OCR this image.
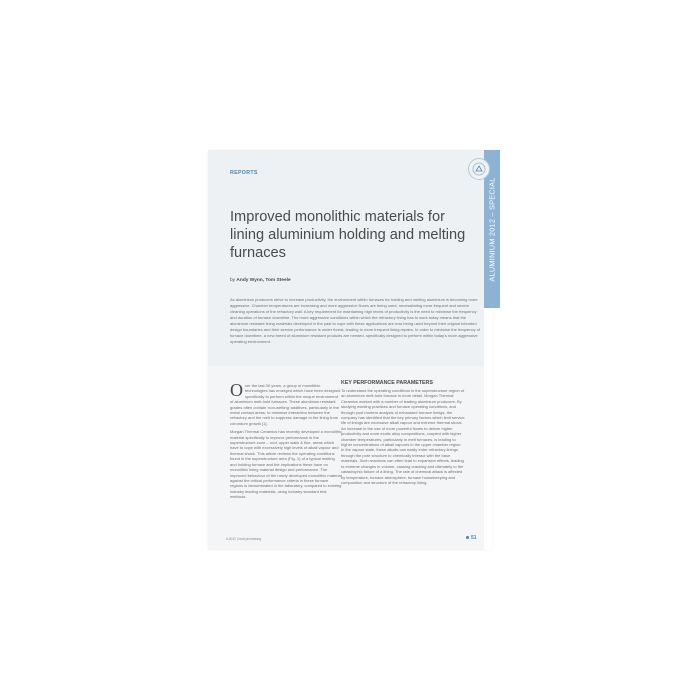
ALUMINIUM 2012 – SPECIAL
REPORTS
Improved monolithic materials for lining aluminium holding and melting furnaces
by Andy Wynn, Tom Steele
As aluminium producers strive to increase productivity, the environment within furnaces for holding and melting aluminium is becoming more aggressive. Chamber temperatures are increasing and more aggressive fluxes are being used, necessitating more frequent and severe cleaning operations of the refractory wall. A key requirement for maintaining high levels of productivity is the need to minimise the frequency and duration of furnace downtime. The more aggressive conditions within which the refractory lining has to work today means that the aluminium resistant lining materials developed in the past to cope with these applications are now being used beyond their original intended design boundaries and their service performance is under threat, leading to more frequent lining repairs. In order to minimise the frequency of furnace downtime, a new breed of aluminium resistant products are needed, specifically designed to perform within today's more aggressive operating environment.

Over the last 30 years, a group of monolithic technologies has emerged which have been designed specifically to perform within the unique environment of aluminium melt-hold furnaces. These aluminium resistant grades often contain 'non-wetting' additives, particularly in the metal contact areas, to minimise interaction between the refractory and the melt to suppress damage to the lining from corundum growth [1].

Morgan Thermal Ceramics has recently developed a monolithic material specifically to improve performance in the superstructure zone – roof, upper walls & flue, areas which have to cope with excessively high levels of alkali vapour and thermal shock. This article reviews the operating conditions found in the superstructure area (Fig. 1) of a typical melting and holding furnace and the implications these have on monolithic lining material design and performance. The improved behaviour of the newly developed monolithic material against the critical performance criteria in these furnace regions is demonstrated in the laboratory, compared to existing industry leading materials, using industry standard test methods.

KEY PERFORMANCE PARAMETERS

To understand the operating conditions in the superstructure region of an aluminium melt-hold furnace in more detail, Morgan Thermal Ceramics worked with a number of leading aluminium producers. By studying working practices and furnace operating conditions, and through post mortem analysis of exhausted furnace linings, the company has identified that the key primary factors which limit service life of linings are excessive alkali vapour and extreme thermal shock. An increase in the use of more powerful fluxes to deliver higher productivity and more exotic alloy compositions, coupled with higher chamber temperatures, particularly in melt furnaces, is leading to higher concentrations of alkali vapours in the upper chamber region. In the vapour state, these alkalis can easily enter refractory linings through the pore structure to chemically interact with the base materials. Such reactions can often lead to expansion effects, leading to extreme changes in volume, causing cracking and ultimately to the catastrophic failure of a lining. The rate of chemical attack is affected by temperature, furnace atmosphere, furnace housekeeping and composition and structure of the refractory lining.

6-2012 | heat processing	51
